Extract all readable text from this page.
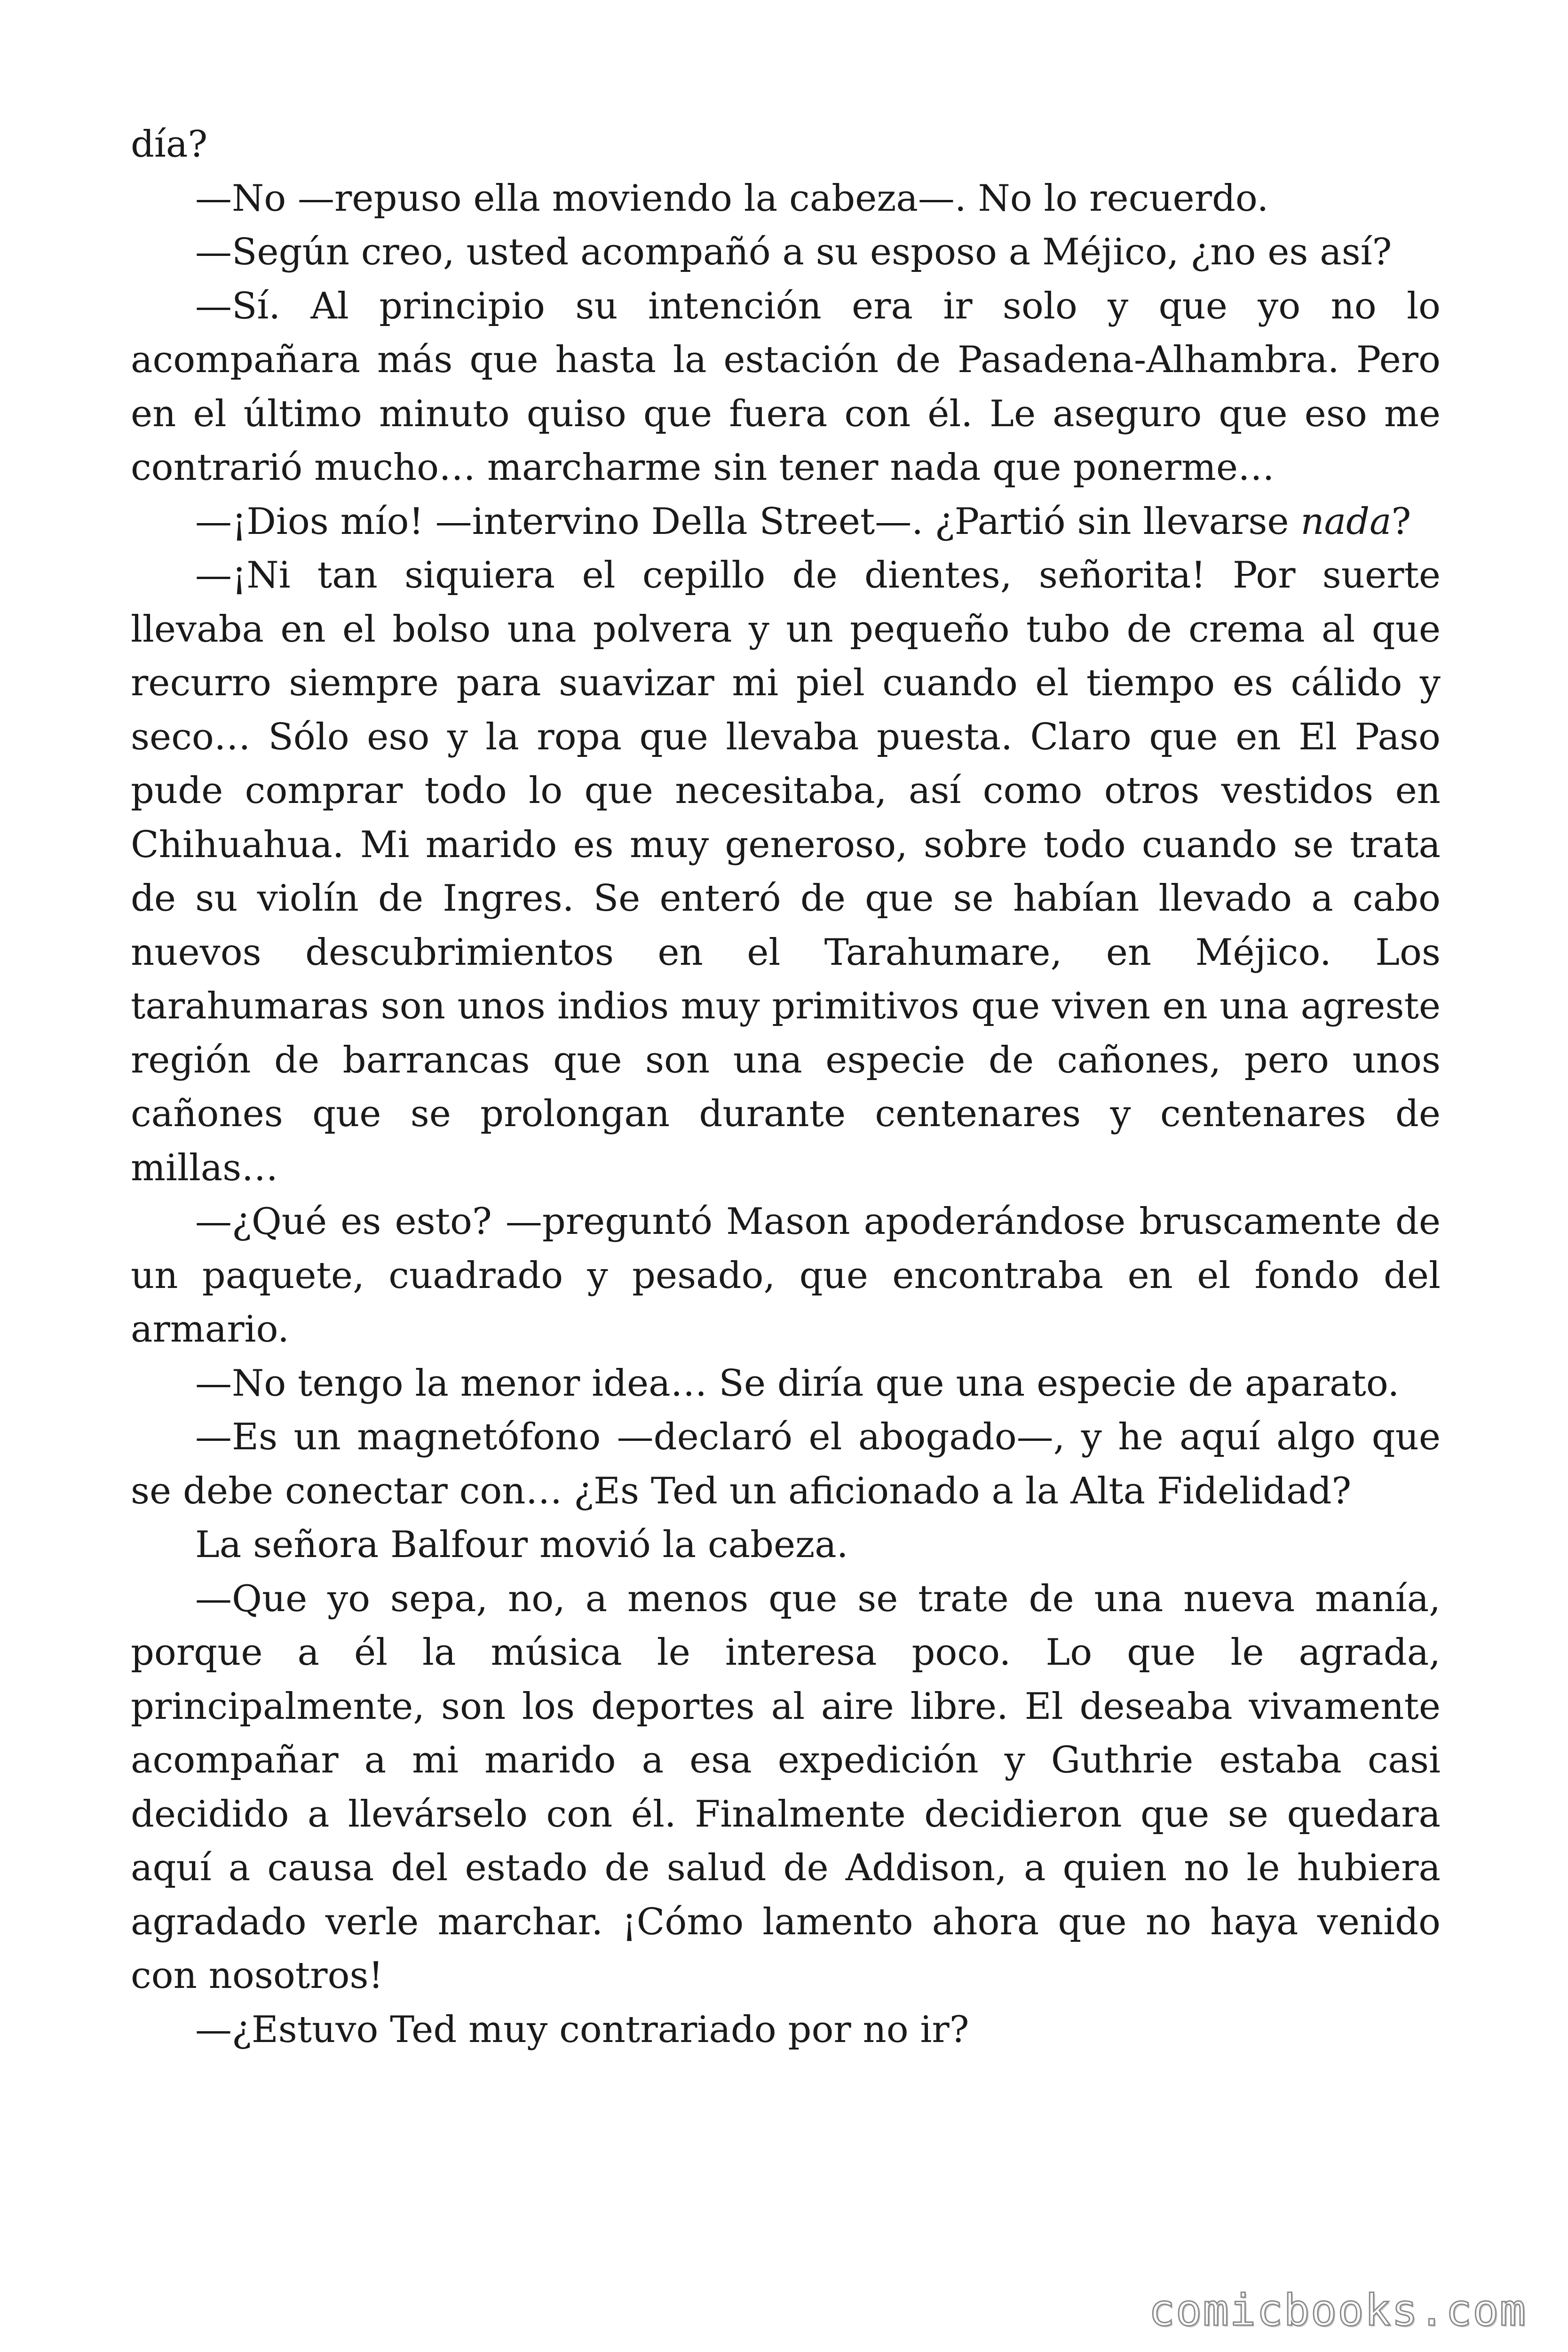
día?

—No —repuso ella moviendo la cabeza—. No lo recuerdo.

—Según creo, usted acompañó a su esposo a Méjico, ¿no es así?

—Sí. Al principio su intención era ir solo y que yo no lo acompañara más que hasta la estación de Pasadena-Alhambra. Pero en el último minuto quiso que fuera con él. Le aseguro que eso me contrarió mucho… marcharme sin tener nada que ponerme…

—¡Dios mío! —intervino Della Street—. ¿Partió sin llevarse nada?

—¡Ni tan siquiera el cepillo de dientes, señorita! Por suerte llevaba en el bolso una polvera y un pequeño tubo de crema al que recurro siempre para suavizar mi piel cuando el tiempo es cálido y seco… Sólo eso y la ropa que llevaba puesta. Claro que en El Paso pude comprar todo lo que necesitaba, así como otros vestidos en Chihuahua. Mi marido es muy generoso, sobre todo cuando se trata de su violín de Ingres. Se enteró de que se habían llevado a cabo nuevos descubrimientos en el Tarahumare, en Méjico. Los tarahumaras son unos indios muy primitivos que viven en una agreste región de barrancas que son una especie de cañones, pero unos cañones que se prolongan durante centenares y centenares de millas…

—¿Qué es esto? —preguntó Mason apoderándose bruscamente de un paquete, cuadrado y pesado, que encontraba en el fondo del armario.

—No tengo la menor idea… Se diría que una especie de aparato.

—Es un magnetófono —declaró el abogado—, y he aquí algo que se debe conectar con… ¿Es Ted un aficionado a la Alta Fidelidad?

La señora Balfour movió la cabeza.

—Que yo sepa, no, a menos que se trate de una nueva manía, porque a él la música le interesa poco. Lo que le agrada, principalmente, son los deportes al aire libre. El deseaba vivamente acompañar a mi marido a esa expedición y Guthrie estaba casi decidido a llevárselo con él. Finalmente decidieron que se quedara aquí a causa del estado de salud de Addison, a quien no le hubiera agradado verle marchar. ¡Cómo lamento ahora que no haya venido con nosotros!

—¿Estuvo Ted muy contrariado por no ir?

comicbooks.com
